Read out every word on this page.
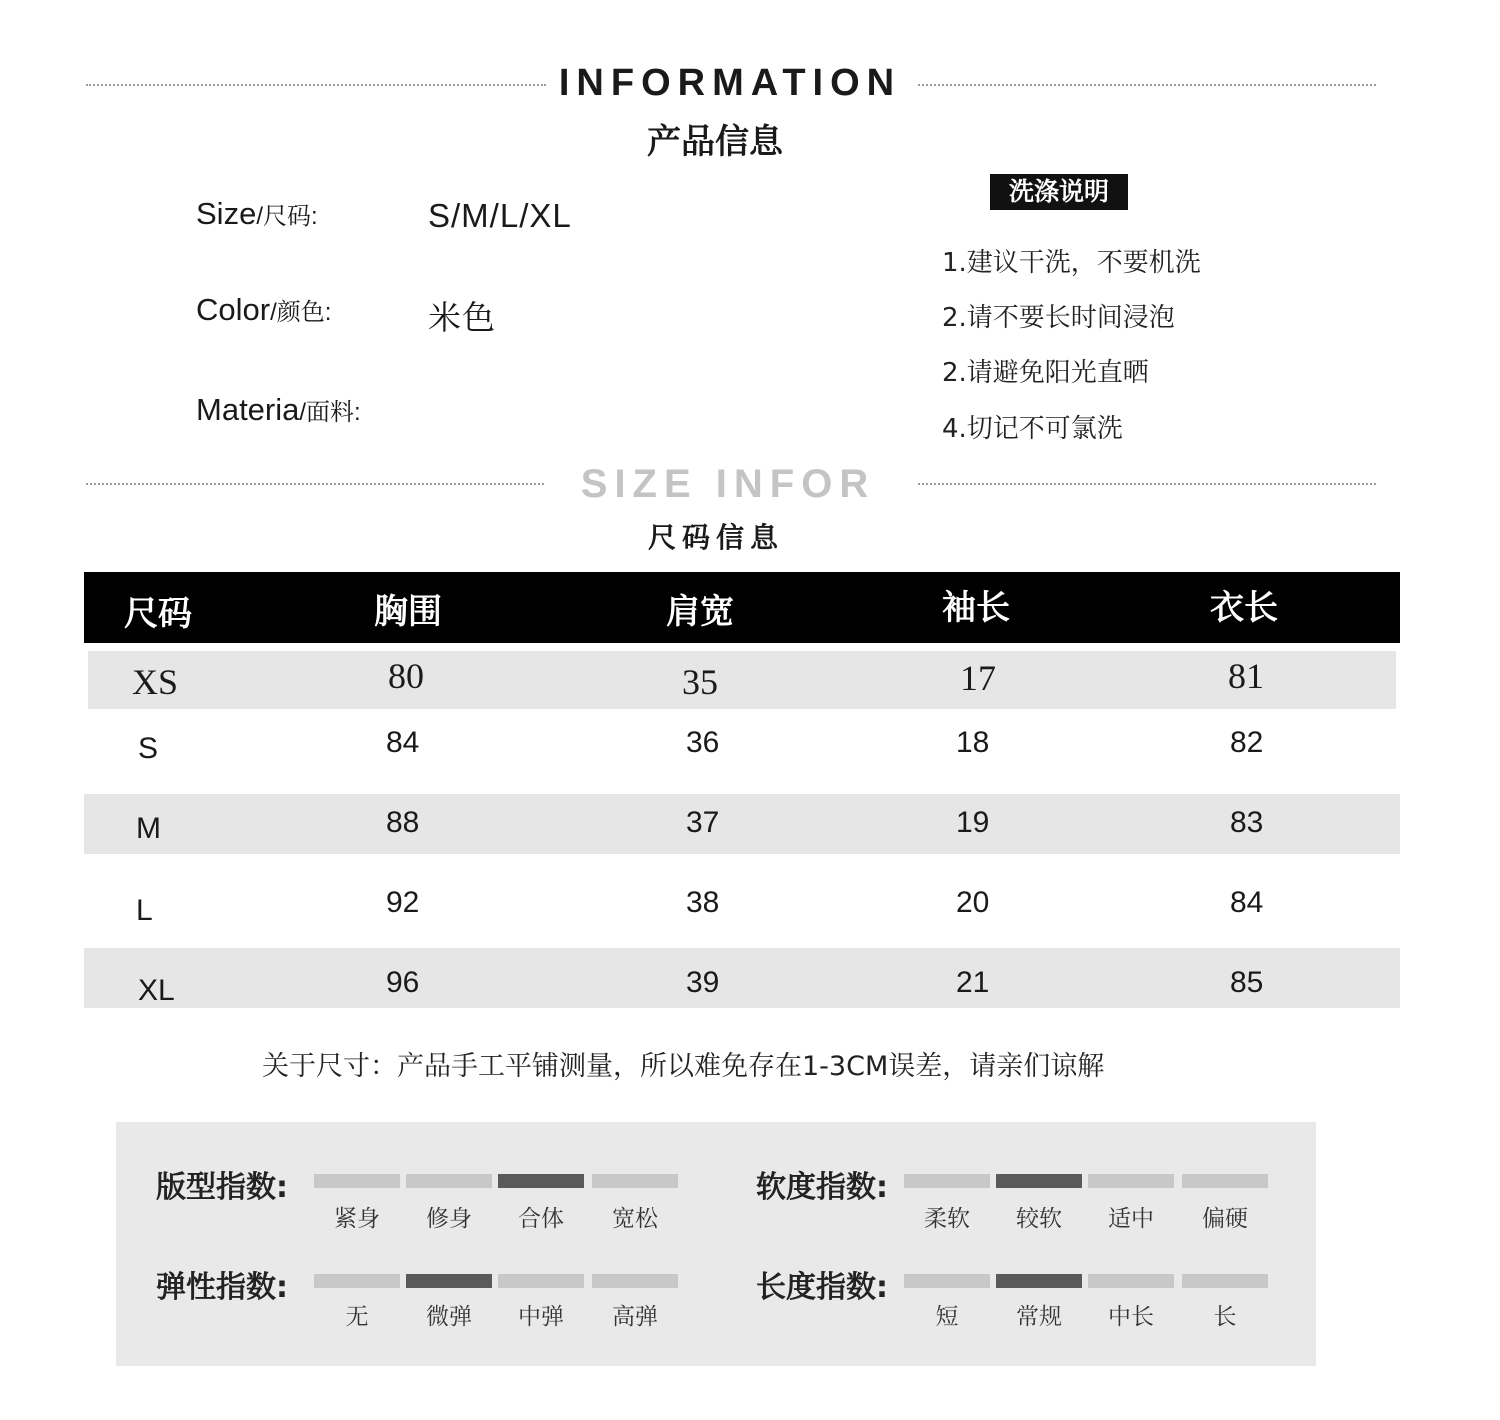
INFORMATION
产品信息
Size/尺码:	S/M/L/XL
Color/颜色:	米色
Materia/面料:
洗涤说明
1.建议干洗，不要机洗
2.请不要长时间浸泡
2.请避免阳光直晒
4.切记不可氯洗
SIZE INFOR
尺码信息
尺码	胸围	肩宽	袖长	衣长
XS	80	35	17	81
S	84	36	18	82
M	88	37	19	83
L	92	38	20	84
XL	96	39	21	85
关于尺寸：产品手工平铺测量，所以难免存在1-3CM误差，请亲们谅解
版型指数:
紧身	修身	合体	宽松
软度指数:
柔软	较软	适中	偏硬
弹性指数:
无	微弹	中弹	高弹
长度指数:
短	常规	中长	长
